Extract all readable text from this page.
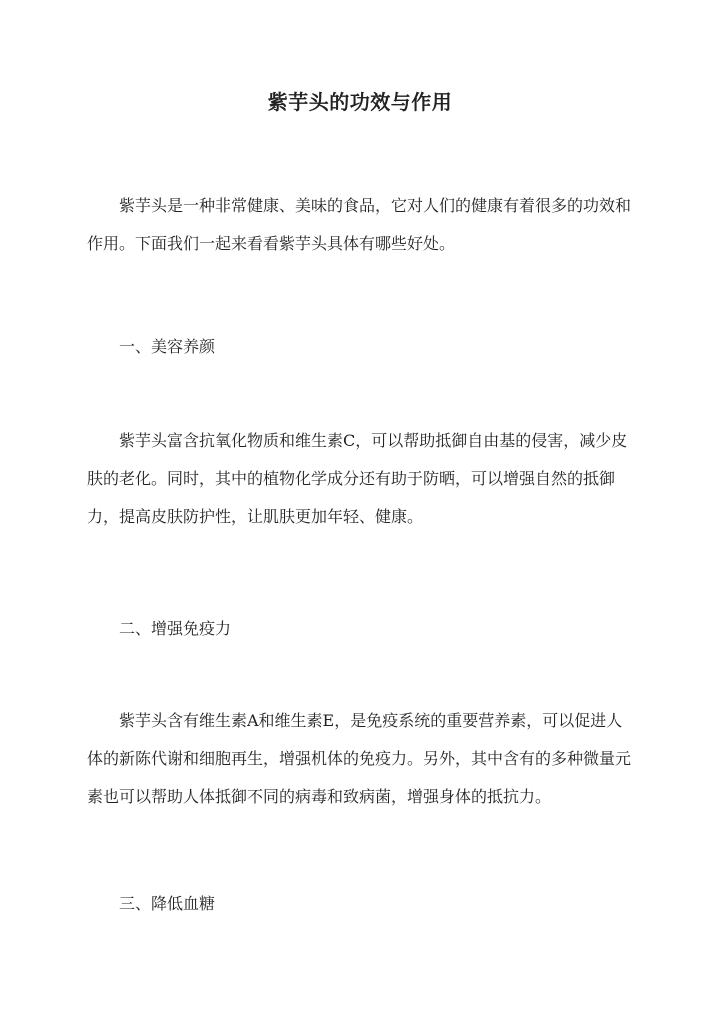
紫芋头的功效与作用

紫芋头是一种非常健康、美味的食品，它对人们的健康有着很多的功效和作用。下面我们一起来看看紫芋头具体有哪些好处。

一、美容养颜

紫芋头富含抗氧化物质和维生素C，可以帮助抵御自由基的侵害，减少皮肤的老化。同时，其中的植物化学成分还有助于防晒，可以增强自然的抵御力，提高皮肤防护性，让肌肤更加年轻、健康。

二、增强免疫力

紫芋头含有维生素A和维生素E，是免疫系统的重要营养素，可以促进人体的新陈代谢和细胞再生，增强机体的免疫力。另外，其中含有的多种微量元素也可以帮助人体抵御不同的病毒和致病菌，增强身体的抵抗力。

三、降低血糖
